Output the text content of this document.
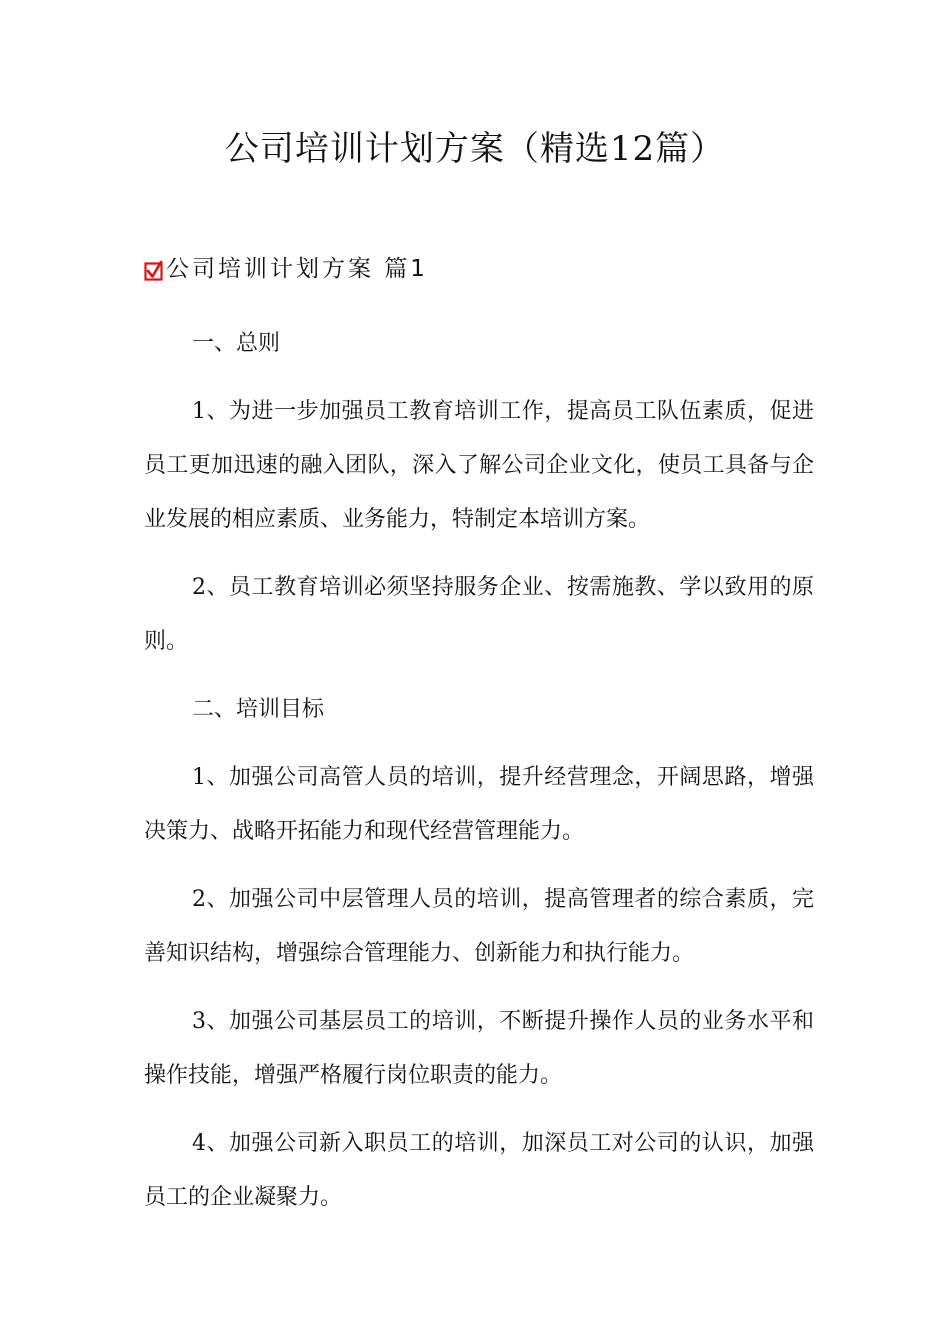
公司培训计划方案（精选12篇）
公司培训计划方案 篇1

一、总则

1、为进一步加强员工教育培训工作，提高员工队伍素质，促进员工更加迅速的融入团队，深入了解公司企业文化，使员工具备与企业发展的相应素质、业务能力，特制定本培训方案。

2、员工教育培训必须坚持服务企业、按需施教、学以致用的原则。

二、培训目标

1、加强公司高管人员的培训，提升经营理念，开阔思路，增强决策力、战略开拓能力和现代经营管理能力。

2、加强公司中层管理人员的培训，提高管理者的综合素质，完善知识结构，增强综合管理能力、创新能力和执行能力。

3、加强公司基层员工的培训，不断提升操作人员的业务水平和操作技能，增强严格履行岗位职责的能力。

4、加强公司新入职员工的培训，加深员工对公司的认识，加强员工的企业凝聚力。
